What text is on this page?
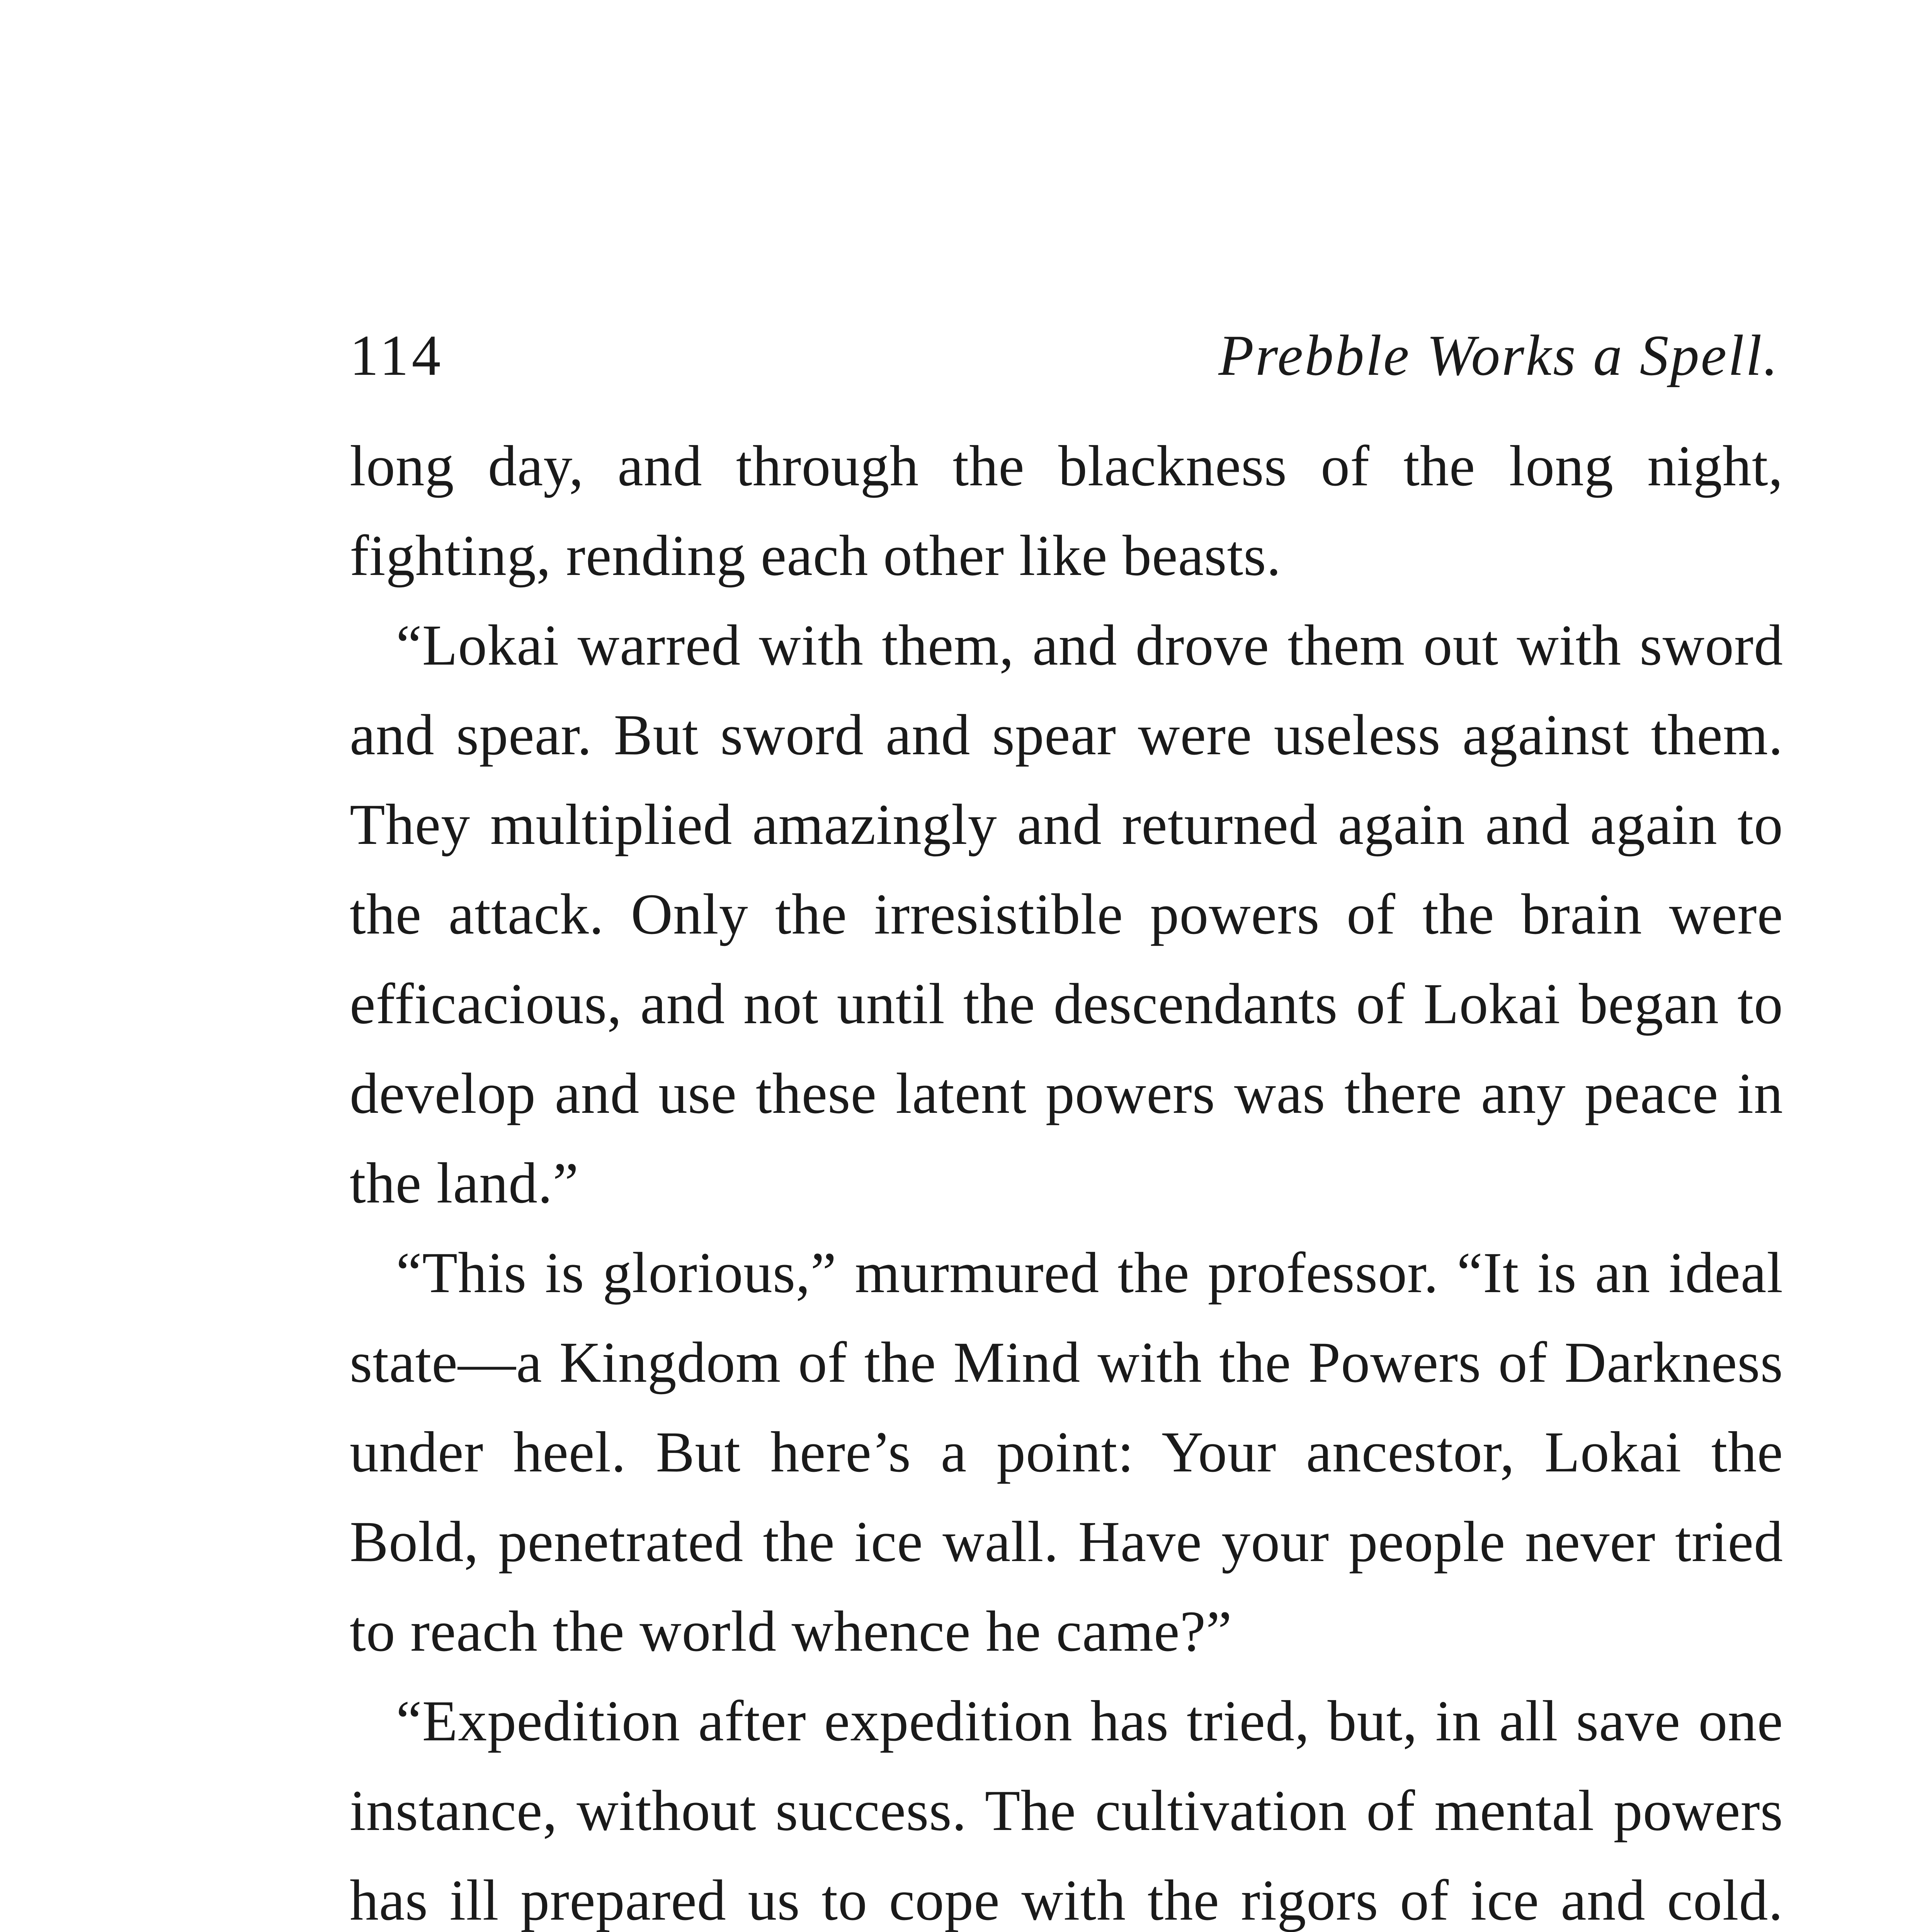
114	Prebble Works a Spell.

long day, and through the blackness of the long night, fighting, rending each other like beasts.

“Lokai warred with them, and drove them out with sword and spear. But sword and spear were useless against them. They multiplied amazingly and returned again and again to the attack. Only the irresistible powers of the brain were efficacious, and not until the descendants of Lokai began to develop and use these latent powers was there any peace in the land.”

“This is glorious,” murmured the professor. “It is an ideal state—a Kingdom of the Mind with the Powers of Darkness under heel. But here’s a point: Your ancestor, Lokai the Bold, penetrated the ice wall. Have your people never tried to reach the world whence he came?”

“Expedition after expedition has tried, but, in all save one instance, without success. The cultivation of mental powers has ill prepared us to cope with the rigors of ice and cold.
